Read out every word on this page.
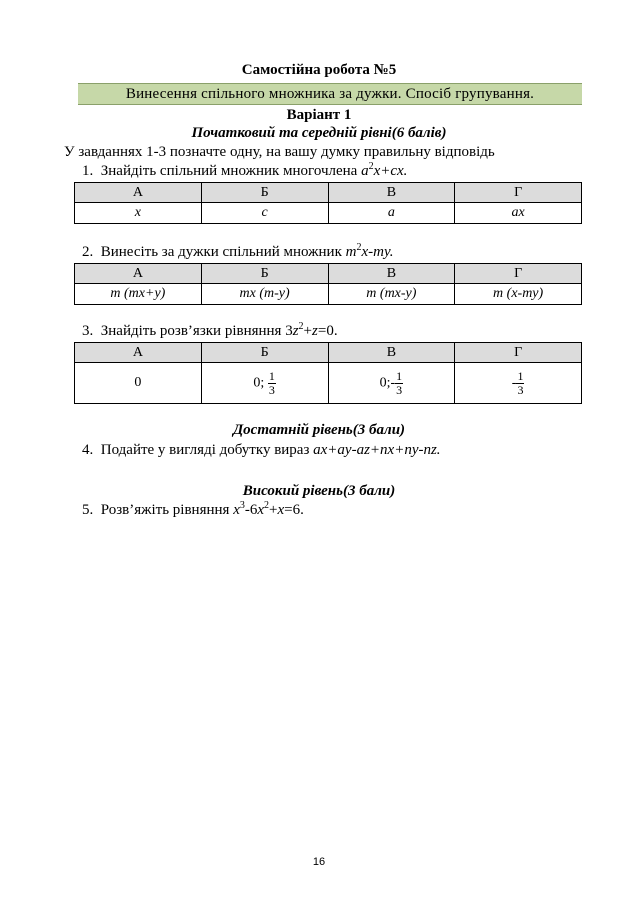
Самостійна робота №5
Винесення спільного множника за дужки. Спосіб групування.
Варіант 1
Початковий та середній рівні(6 балів)
У завданнях 1-3 позначте одну, на вашу думку правильну відповідь
1. Знайдіть спільний множник многочлена $a^2x+cx$.
А	Б	В	Г
x	c	a	ax
2. Винесіть за дужки спільний множник $m^2x-my$.
А	Б	В	Г
m (mx+y)	mx (m-y)	m (mx-y)	m (x-my)
3. Знайдіть розв’язки рівняння $3z^2+z=0$.
А	Б	В	Г
0	0; $\frac{1}{3}$	0;- $\frac{1}{3}$	- $\frac{1}{3}$
Достатній рівень(3 бали)
4. Подайте у вигляді добутку вираз ax+ay-az+nx+ny-nz.
Високий рівень(3 бали)
5. Розв’яжіть рівняння $x^3-6x^2+x=6$.
16
